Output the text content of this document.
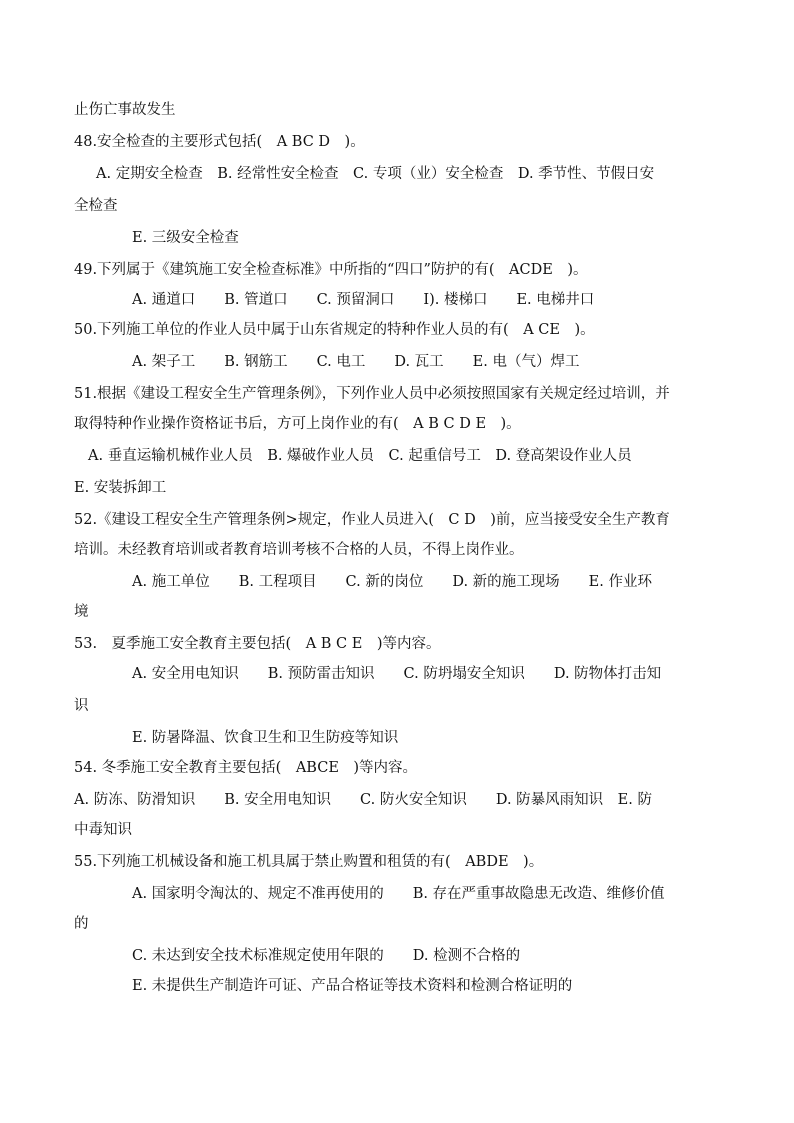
止伤亡事故发生
48.安全检查的主要形式包括(　A BC D　)。
A. 定期安全检查　B. 经常性安全检查　C. 专项（业）安全检查　D. 季节性、节假日安
全检查
E. 三级安全检查
49.下列属于《建筑施工安全检查标准》中所指的“四口”防护的有(　ACDE　)。
A. 通道口　　B. 管道口　　C. 预留洞口　　I). 楼梯口　　E. 电梯井口
50.下列施工单位的作业人员中属于山东省规定的特种作业人员的有(　A CE　)。
A. 架子工　　B. 钢筋工　　C. 电工　　D. 瓦工　　E. 电（气）焊工
51.根据《建设工程安全生产管理条例》，下列作业人员中必须按照国家有关规定经过培训，并
取得特种作业操作资格证书后，方可上岗作业的有(　A B C D E　)。
A. 垂直运输机械作业人员　B. 爆破作业人员　C. 起重信号工　D. 登高架设作业人员
E. 安装拆卸工
52.《建设工程安全生产管理条例>规定，作业人员进入(　C D　)前，应当接受安全生产教育
培训。未经教育培训或者教育培训考核不合格的人员，不得上岗作业。
A. 施工单位　　B. 工程项目　　C. 新的岗位　　D. 新的施工现场　　E. 作业环
境
53.　夏季施工安全教育主要包括(　A B C E　)等内容。
A. 安全用电知识　　B. 预防雷击知识　　C. 防坍塌安全知识　　D. 防物体打击知
识
E. 防暑降温、饮食卫生和卫生防疫等知识
54. 冬季施工安全教育主要包括(　ABCE　)等内容。
A. 防冻、防滑知识　　B. 安全用电知识　　C. 防火安全知识　　D. 防暴风雨知识　E. 防
中毒知识
55.下列施工机械设备和施工机具属于禁止购置和租赁的有(　ABDE　)。
A. 国家明令淘汰的、规定不准再使用的　　B. 存在严重事故隐患无改造、维修价值
的
C. 未达到安全技术标准规定使用年限的　　D. 检测不合格的
E. 未提供生产制造许可证、产品合格证等技术资料和检测合格证明的
